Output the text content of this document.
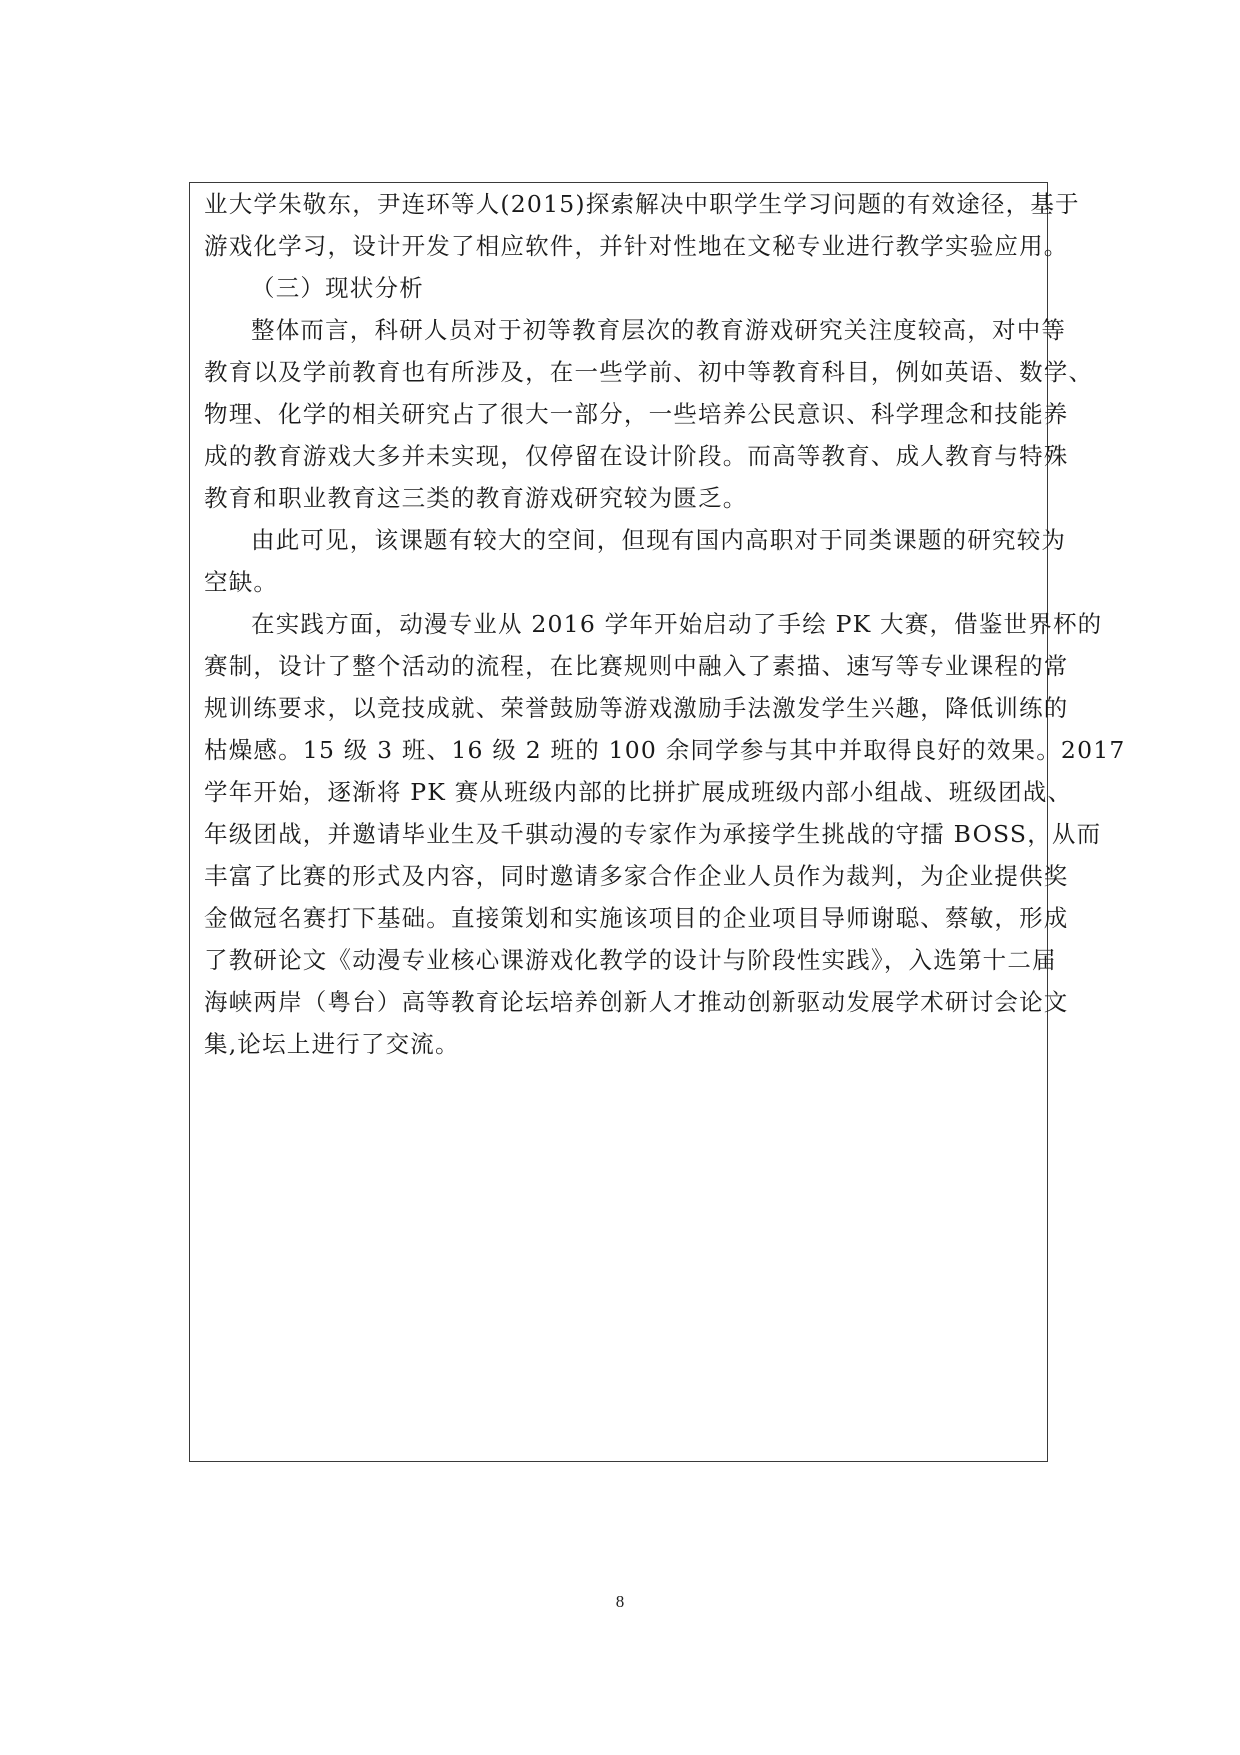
业大学朱敬东，尹连环等人(2015)探索解决中职学生学习问题的有效途径，基于
游戏化学习，设计开发了相应软件，并针对性地在文秘专业进行教学实验应用。
（三）现状分析
整体而言，科研人员对于初等教育层次的教育游戏研究关注度较高，对中等
教育以及学前教育也有所涉及，在一些学前、初中等教育科目，例如英语、数学、
物理、化学的相关研究占了很大一部分，一些培养公民意识、科学理念和技能养
成的教育游戏大多并未实现，仅停留在设计阶段。而高等教育、成人教育与特殊
教育和职业教育这三类的教育游戏研究较为匮乏。
由此可见，该课题有较大的空间，但现有国内高职对于同类课题的研究较为
空缺。
在实践方面，动漫专业从 2016 学年开始启动了手绘 PK 大赛，借鉴世界杯的
赛制，设计了整个活动的流程，在比赛规则中融入了素描、速写等专业课程的常
规训练要求，以竞技成就、荣誉鼓励等游戏激励手法激发学生兴趣，降低训练的
枯燥感。15 级 3 班、16 级 2 班的 100 余同学参与其中并取得良好的效果。2017
学年开始，逐渐将 PK 赛从班级内部的比拼扩展成班级内部小组战、班级团战、
年级团战，并邀请毕业生及千骐动漫的专家作为承接学生挑战的守擂 BOSS，从而
丰富了比赛的形式及内容，同时邀请多家合作企业人员作为裁判，为企业提供奖
金做冠名赛打下基础。直接策划和实施该项目的企业项目导师谢聪、蔡敏，形成
了教研论文《动漫专业核心课游戏化教学的设计与阶段性实践》，入选第十二届
海峡两岸（粤台）高等教育论坛培养创新人才推动创新驱动发展学术研讨会论文
集,论坛上进行了交流。
8
